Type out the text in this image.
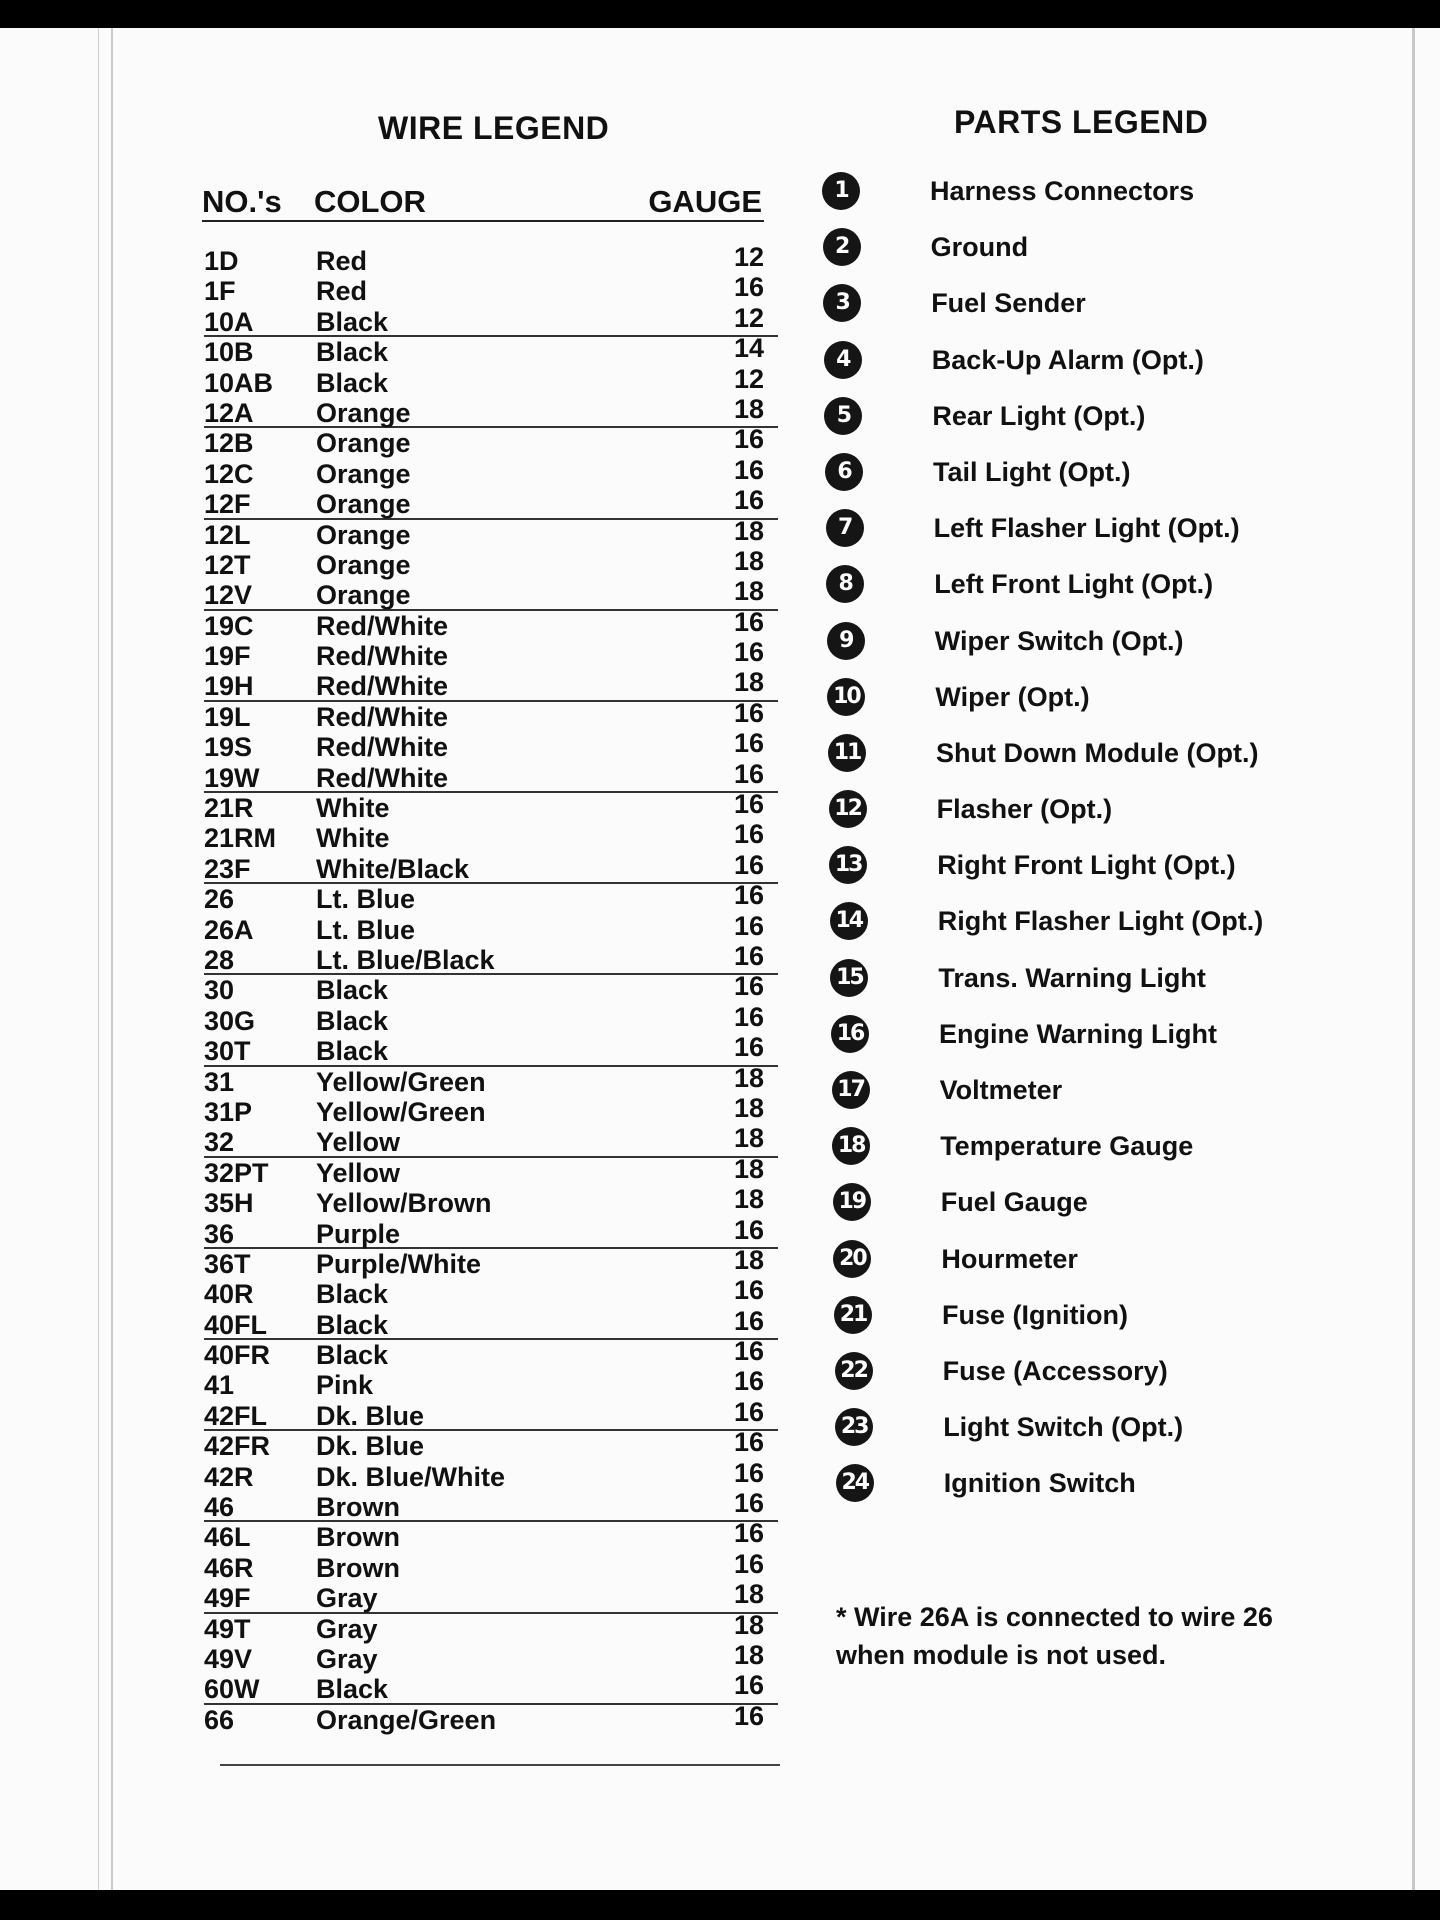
WIRE LEGEND
NO.'s COLOR	GAUGE
1D	Red	12
1F	Red	16
10A Black	12
10B Black	14
10AB Black	12
12A Orange	18
12B Orange	16
12C Orange	16
12F Orange	16
12L Orange	18
12T Orange	18
12V Orange	18
19C Red/White	16
19F Red/White	16
19H Red/White	18
19L Red/White	16
19S Red/White	16
19W Red/White	16
21R White	16
21RM White	16
23F White/Black	16
26	Lt. Blue	16
26A Lt. Blue	16
28	Lt. Blue/Black	16
30	Black	16
30G Black	16
30T Black	16
31	Yellow/Green	18
31P Yellow/Green	18
32	Yellow	18
32PT Yellow	18
35H Yellow/Brown	18
36	Purple	16
36T Purple/White	18
40R Black	16
40FL Black	16
40FR Black	16
41	Pink	16
42FL Dk. Blue	16
42FR Dk. Blue	16
42R Dk. Blue/White	16
46	Brown	16
46L Brown	16
46R Brown	16
49F Gray	18
49T Gray	18
49V Gray	18
60W Black	16
66	Orange/Green	16
PARTS LEGEND
1	Harness Connectors
2	Ground
3	Fuel Sender
4	Back-Up Alarm (Opt.)
5	Rear Light (Opt.)
6	Tail Light (Opt.)
7	Left Flasher Light (Opt.)
8	Left Front Light (Opt.)
9	Wiper Switch (Opt.)
10	Wiper (Opt.)
11	Shut Down Module (Opt.)
12	Flasher (Opt.)
13	Right Front Light (Opt.)
14	Right Flasher Light (Opt.)
15	Trans. Warning Light
16	Engine Warning Light
17	Voltmeter
18	Temperature Gauge
19	Fuel Gauge
20	Hourmeter
21	Fuse (Ignition)
22	Fuse (Accessory)
23	Light Switch (Opt.)
24	Ignition Switch
* Wire 26A is connected to wire 26
when module is not used.
